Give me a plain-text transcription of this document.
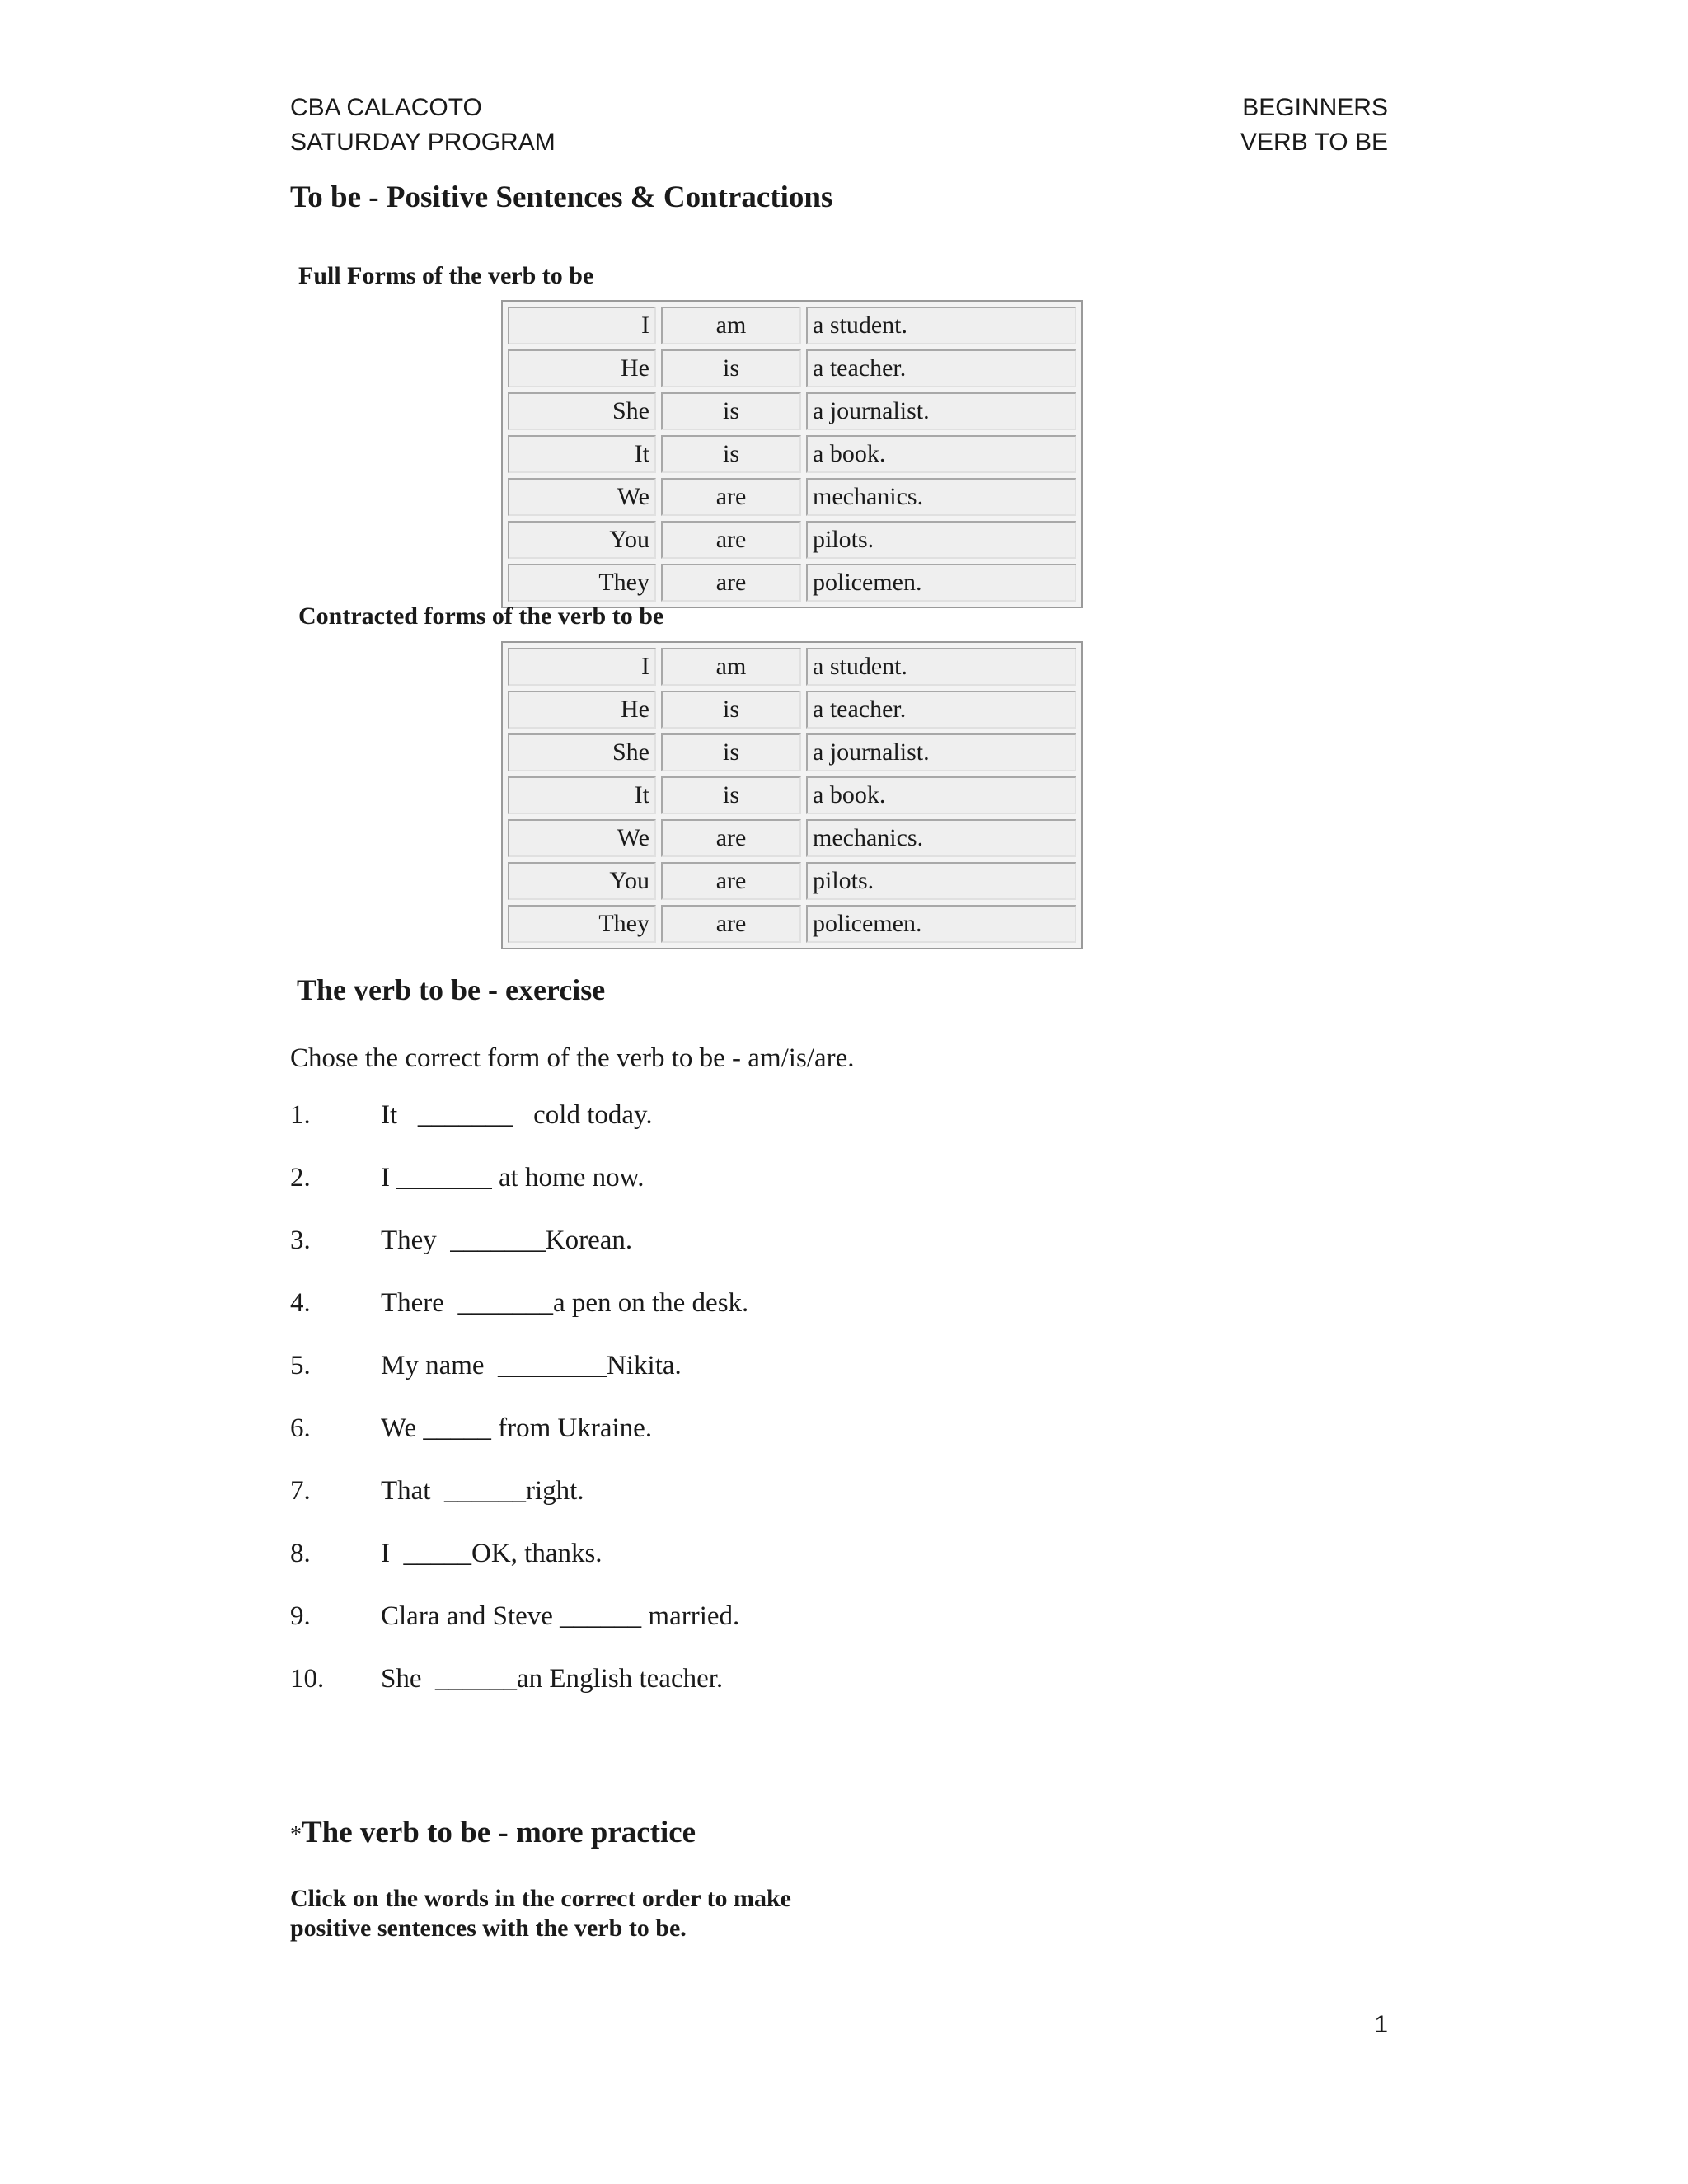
CBA CALACOTO
SATURDAY PROGRAM
BEGINNERS
VERB TO BE
To be - Positive Sentences & Contractions
Full Forms of the verb to be
I	am	a student.
He	is	a teacher.
She	is	a journalist.
It	is	a book.
We	are	mechanics.
You	are	pilots.
They	are	policemen.
Contracted forms of the verb to be
I	am	a student.
He	is	a teacher.
She	is	a journalist.
It	is	a book.
We	are	mechanics.
You	are	pilots.
They	are	policemen.
The verb to be - exercise
Chose the correct form of the verb to be - am/is/are.
1.	It   _______   cold today.
2.	I _______ at home now.
3.	They  _______Korean.
4.	There  _______a pen on the desk.
5.	My name  ________Nikita.
6.	We _____ from Ukraine.
7.	That  ______right.
8.	I  _____OK, thanks.
9.	Clara and Steve ______ married.
10. She  ______an English teacher.
*The verb to be - more practice
Click on the words in the correct order to make positive sentences with the verb to be.
1
